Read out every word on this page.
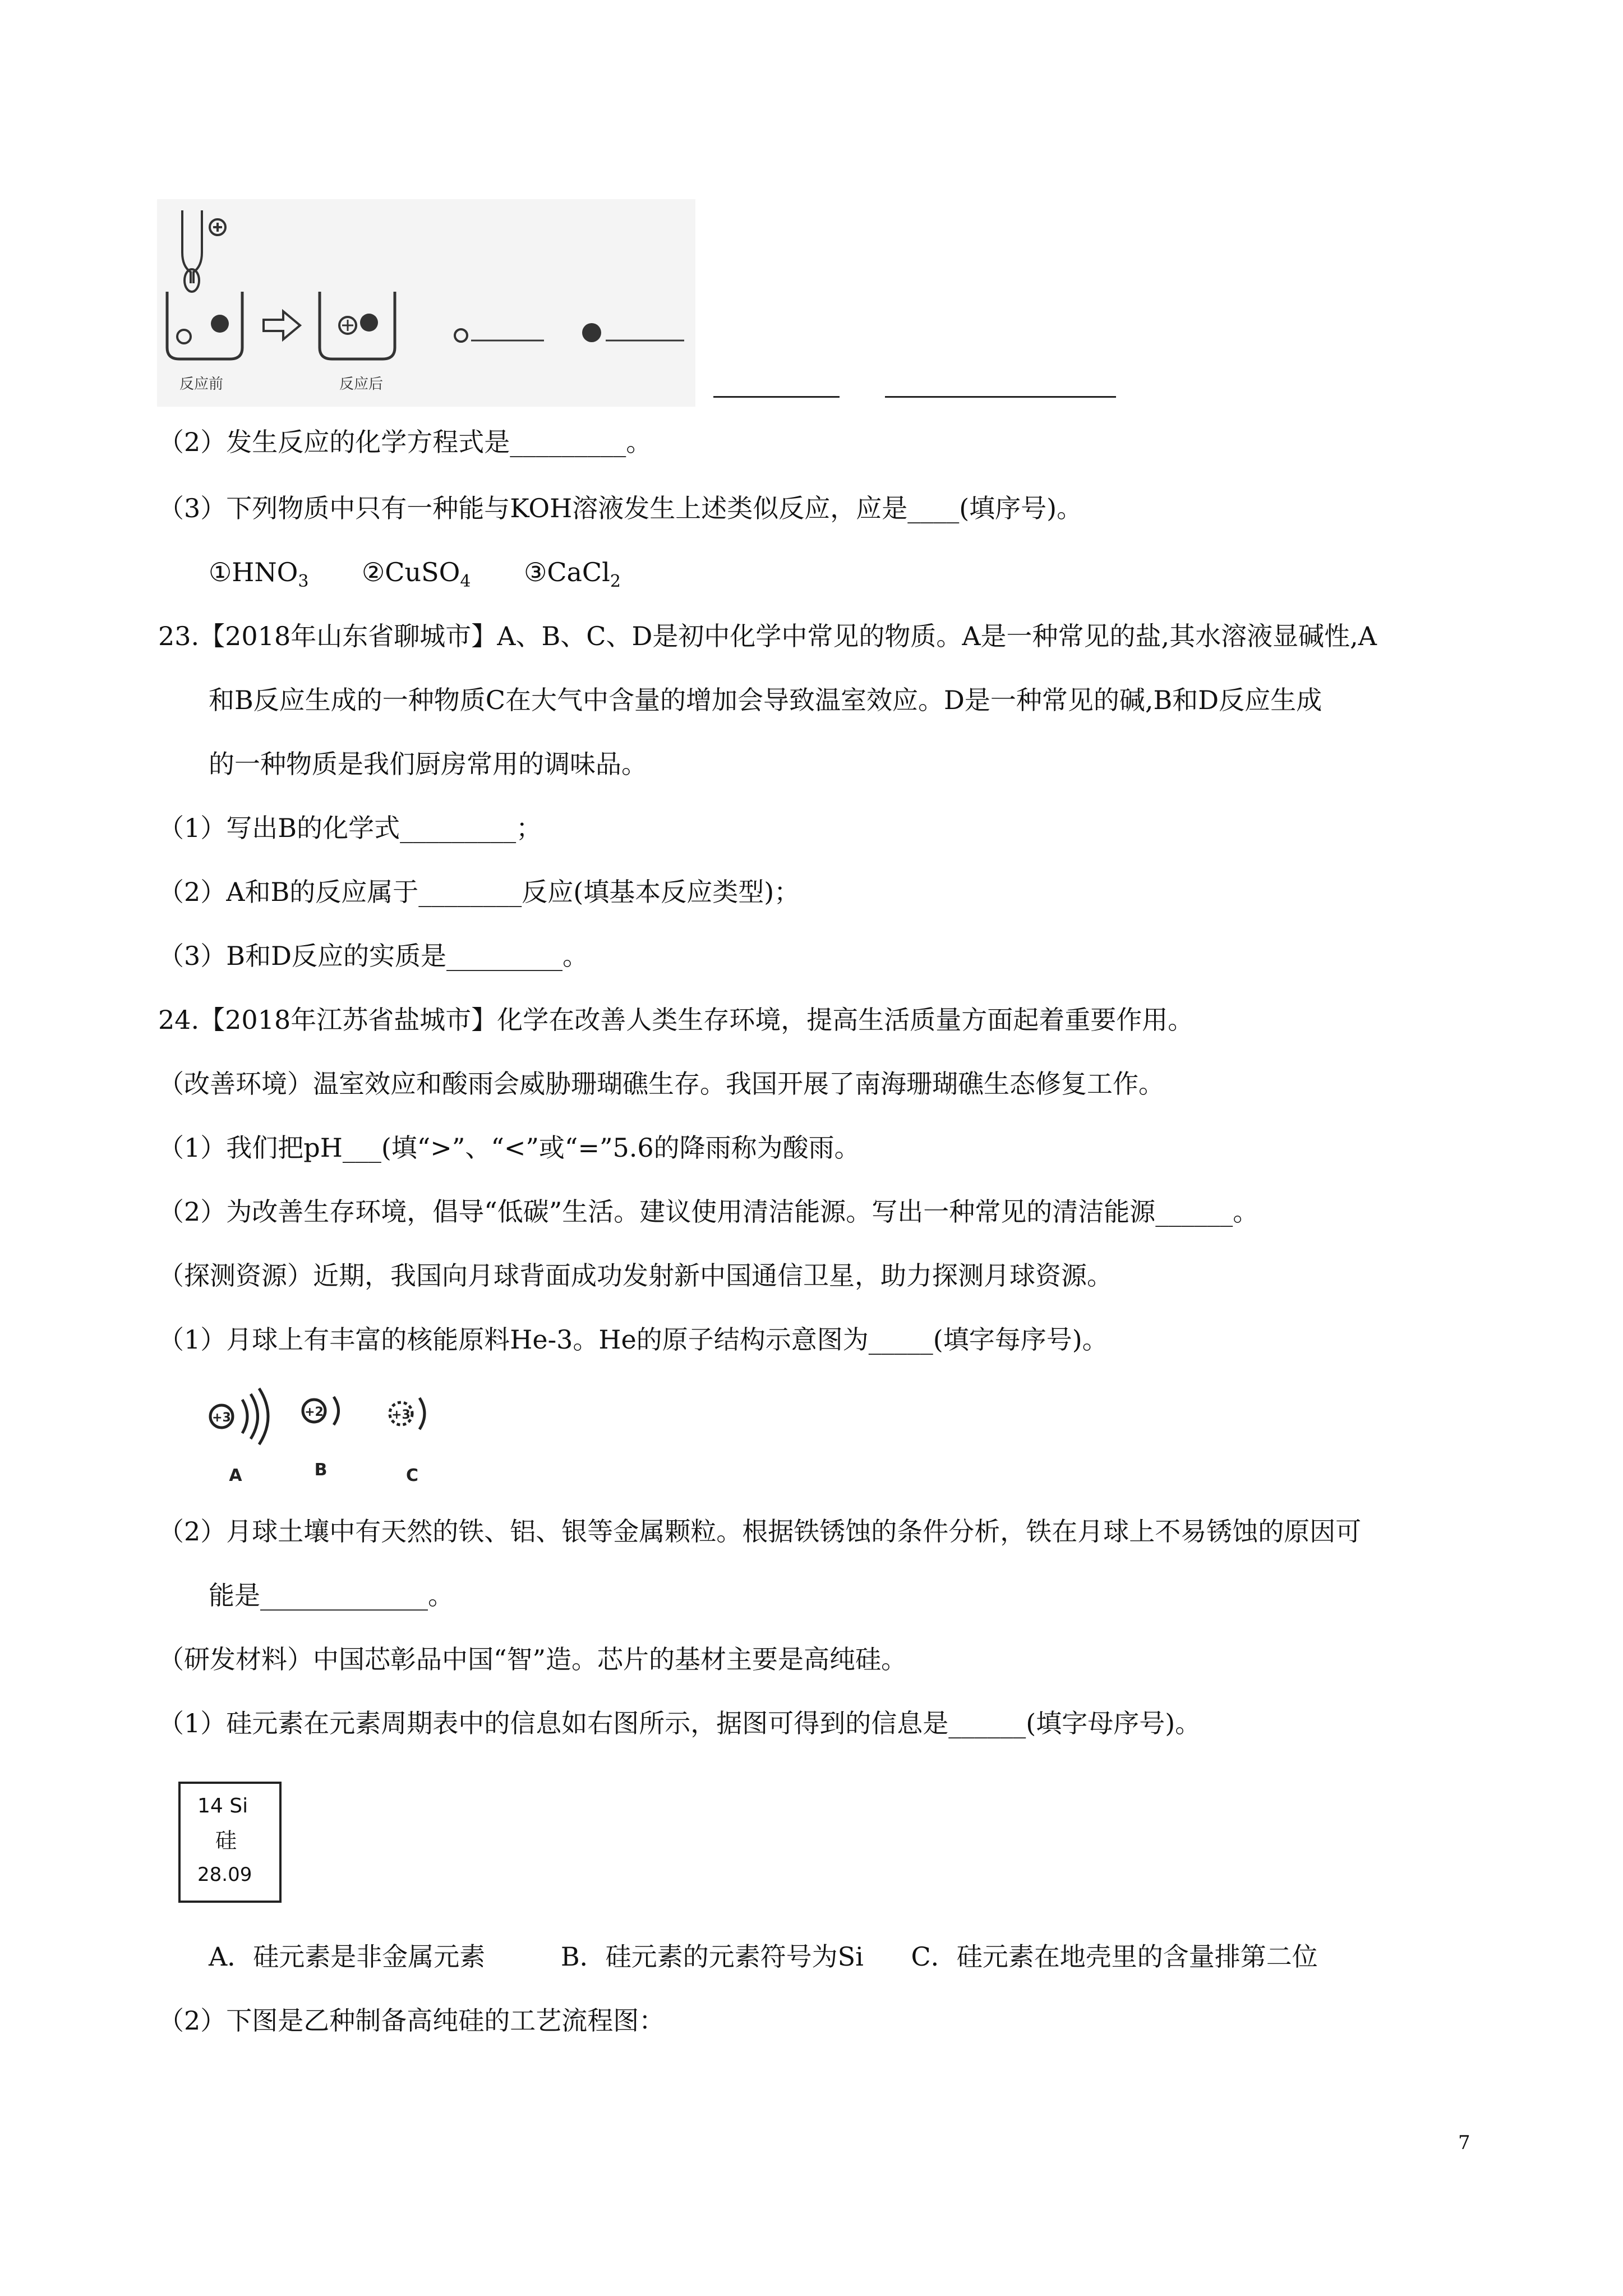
反应前	反应后
（2）发生反应的化学方程式是_________。
（3）下列物质中只有一种能与KOH溶液发生上述类似反应，应是____(填序号)。
$①HNO_3$ ②CuSO$_4$ ③CaCl$_2$
23.【2018年山东省聊城市】A、B、C、D是初中化学中常见的物质。A是一种常见的盐,其水溶液显碱性,A
和B反应生成的一种物质C在大气中含量的增加会导致温室效应。D是一种常见的碱,B和D反应生成
的一种物质是我们厨房常用的调味品。
（1）写出B的化学式_________；
（2）A和B的反应属于________反应(填基本反应类型)；
（3）B和D反应的实质是_________。
24.【2018年江苏省盐城市】化学在改善人类生存环境，提高生活质量方面起着重要作用。
（改善环境）温室效应和酸雨会威胁珊瑚礁生存。我国开展了南海珊瑚礁生态修复工作。
（1）我们把pH___(填“>”、“<”或“=”5.6的降雨称为酸雨。
（2）为改善生存环境，倡导“低碳”生活。建议使用清洁能源。写出一种常见的清洁能源______。
（探测资源）近期，我国向月球背面成功发射新中国通信卫星，助力探测月球资源。
（1）月球上有丰富的核能原料He-3。He的原子结构示意图为_____(填字每序号)。
+3	+2	+3
A	B	C
（2）月球土壤中有天然的铁、铝、银等金属颗粒。根据铁锈蚀的条件分析，铁在月球上不易锈蚀的原因可
能是_____________。
（研发材料）中国芯彰品中国“智”造。芯片的基材主要是高纯硅。
（1）硅元素在元素周期表中的信息如右图所示，据图可得到的信息是______(填字母序号)。
14 Si
硅
28.09
A．硅元素是非金属元素	B．硅元素的元素符号为Si C．硅元素在地壳里的含量排第二位
（2）下图是乙种制备高纯硅的工艺流程图：
7
